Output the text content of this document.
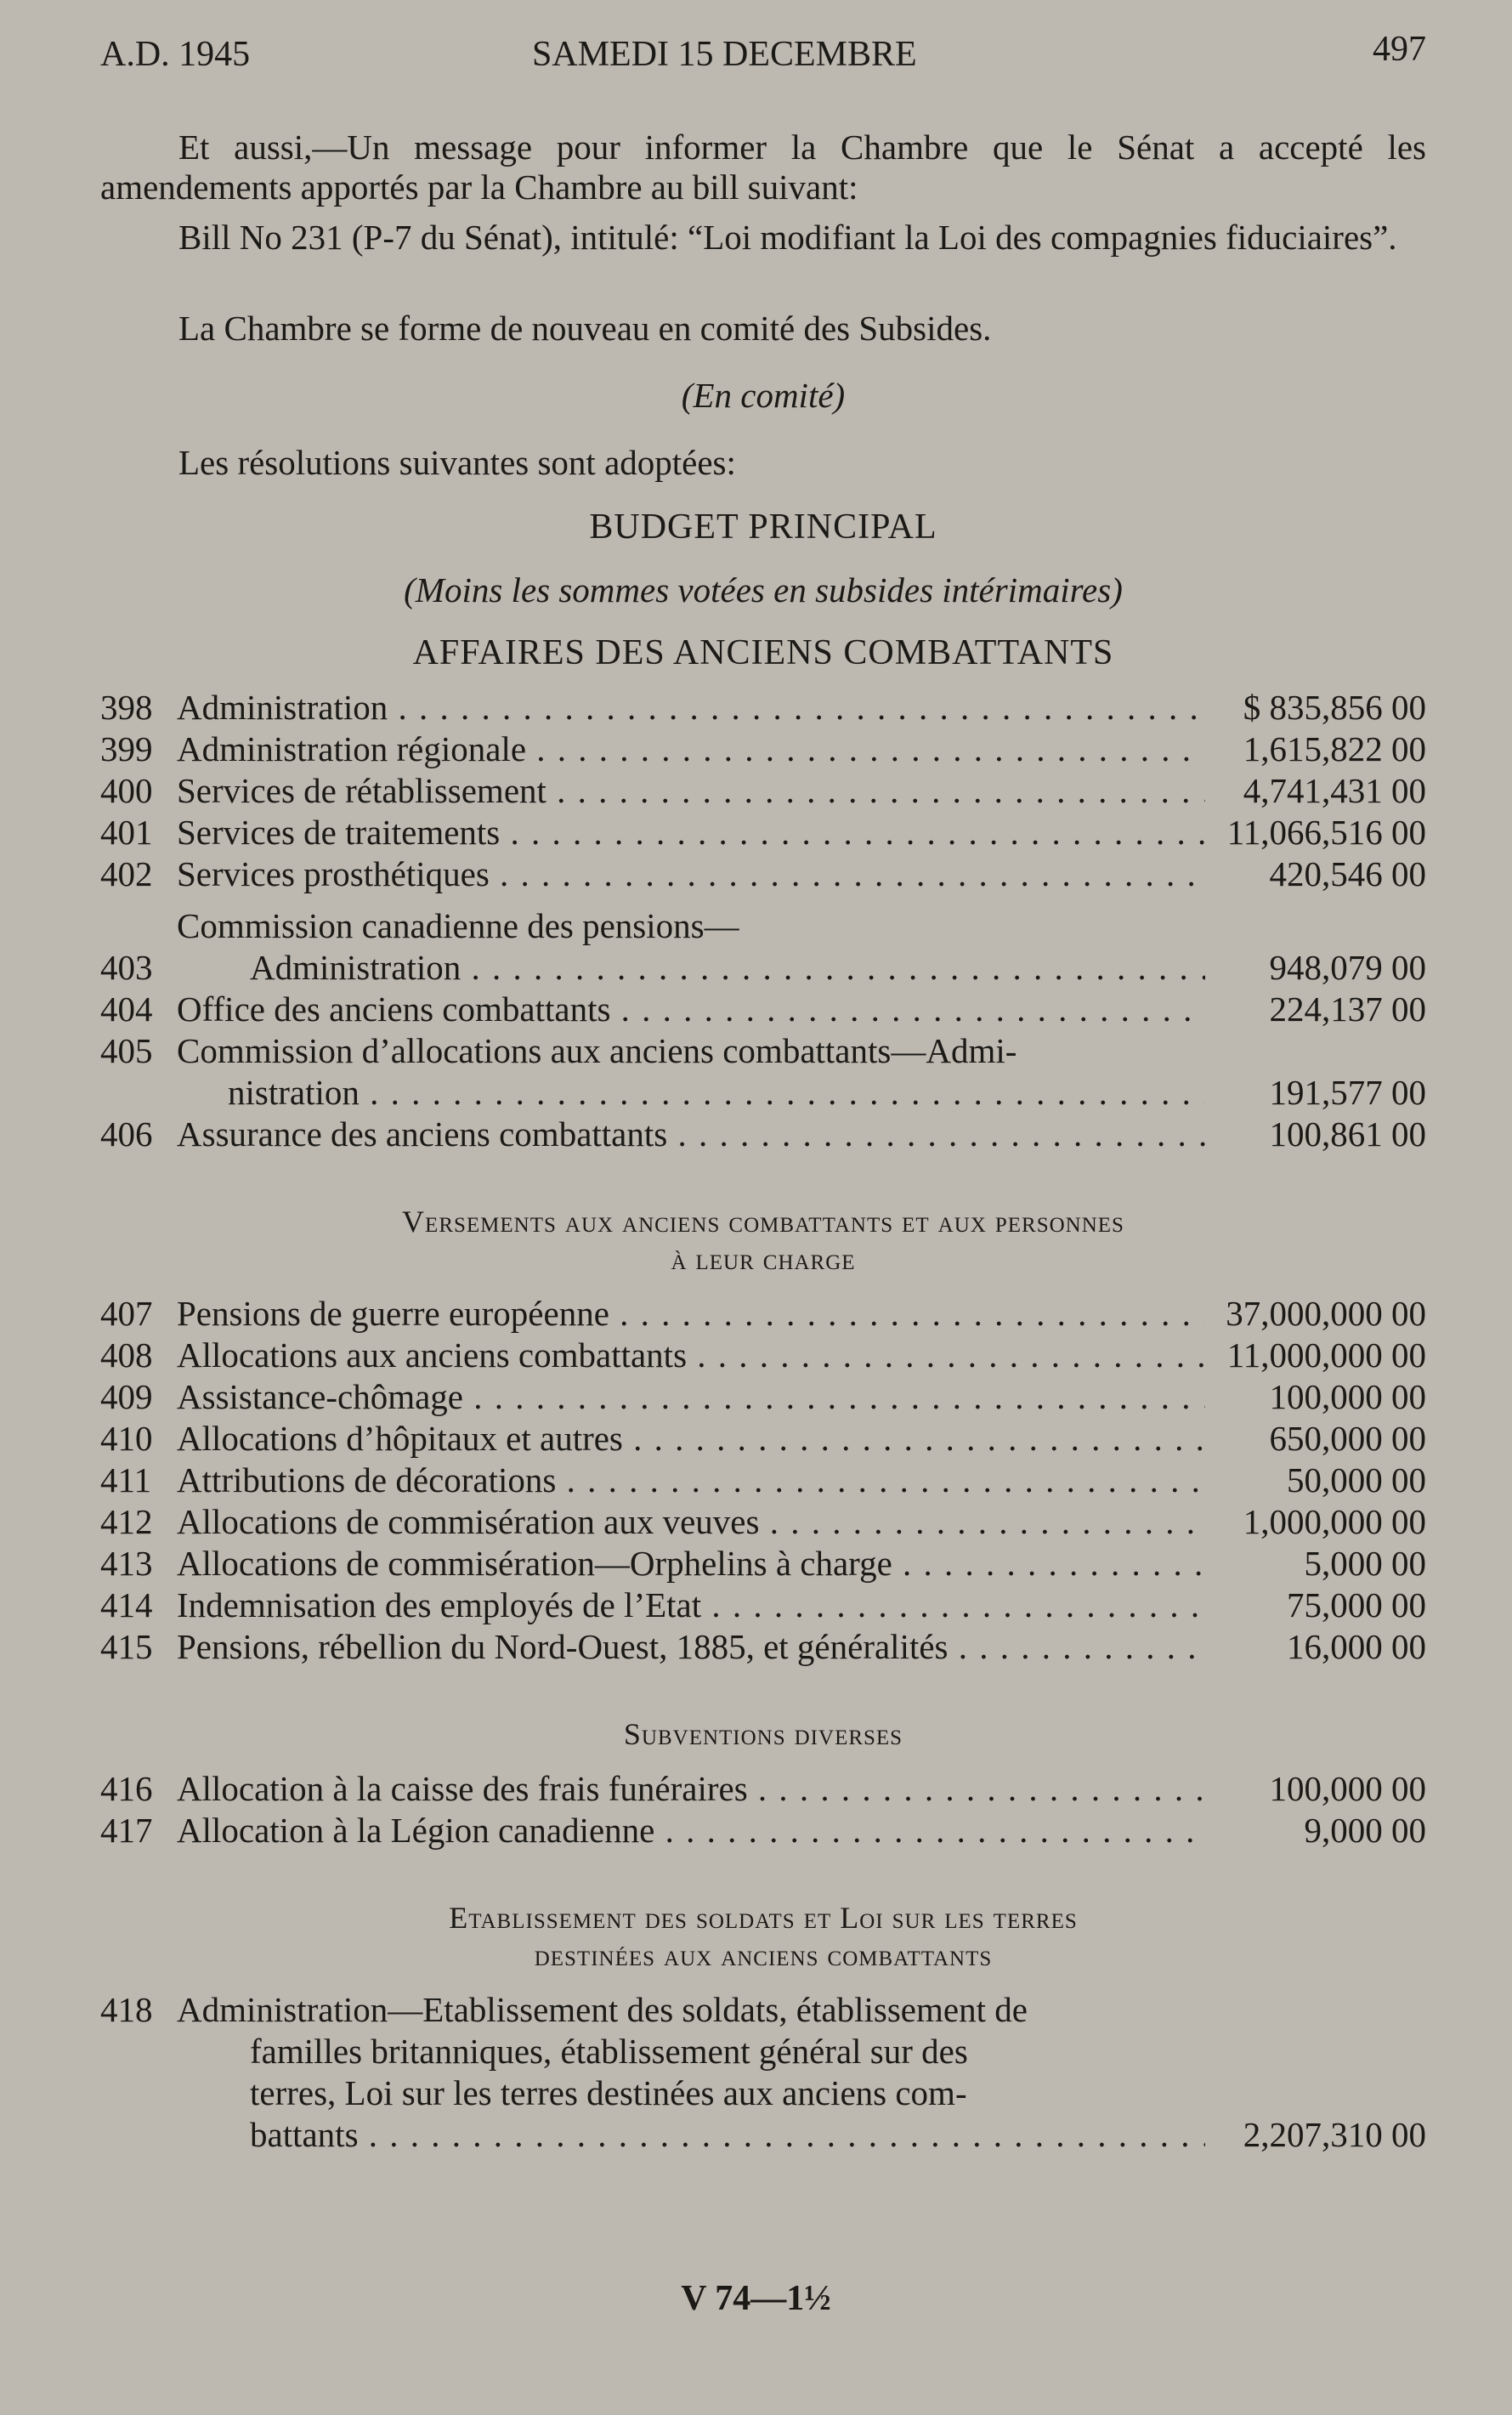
A.D. 1945	SAMEDI 15 DECEMBRE	497

Et aussi,—Un message pour informer la Chambre que le Sénat a accepté les amendements apportés par la Chambre au bill suivant:

Bill No 231 (P-7 du Sénat), intitulé: “Loi modifiant la Loi des compagnies fiduciaires”.

La Chambre se forme de nouveau en comité des Subsides.

(En comité)

Les résolutions suivantes sont adoptées:

BUDGET PRINCIPAL
(Moins les sommes votées en subsides intérimaires)
AFFAIRES DES ANCIENS COMBATTANTS
398 Administration . . .	$ 835,856 00
399 Administration régionale . . .	1,615,822 00
400 Services de rétablissement . . .	4,741,431 00
401 Services de traitements . . .	11,066,516 00
402 Services prosthétiques . . .	420,546 00
Commission canadienne des pensions—
403	Administration . . .	948,079 00
404 Office des anciens combattants . . .	224,137 00
405 Commission d’allocations aux anciens combattants—Admi-
nistration . . .	191,577 00
406 Assurance des anciens combattants . . .	100,861 00
Versements aux anciens combattants et aux personnes
à leur charge
407 Pensions de guerre européenne . . .	37,000,000 00
408 Allocations aux anciens combattants . . .	11,000,000 00
409 Assistance-chômage . . .	100,000 00
410 Allocations d’hôpitaux et autres . . .	650,000 00
411 Attributions de décorations . . .	50,000 00
412 Allocations de commisération aux veuves . . .	1,000,000 00
413 Allocations de commisération—Orphelins à charge . . .	5,000 00
414 Indemnisation des employés de l’Etat . . .	75,000 00
415 Pensions, rébellion du Nord-Ouest, 1885, et généralités . . .	16,000 00
Subventions diverses
416 Allocation à la caisse des frais funéraires . . .	100,000 00
417 Allocation à la Légion canadienne . . .	9,000 00
Etablissement des soldats et Loi sur les terres
destinées aux anciens combattants
418 Administration—Etablissement des soldats, établissement de
familles britanniques, établissement général sur des
terres, Loi sur les terres destinées aux anciens com-
battants . . .	2,207,310 00
V 74—1½
